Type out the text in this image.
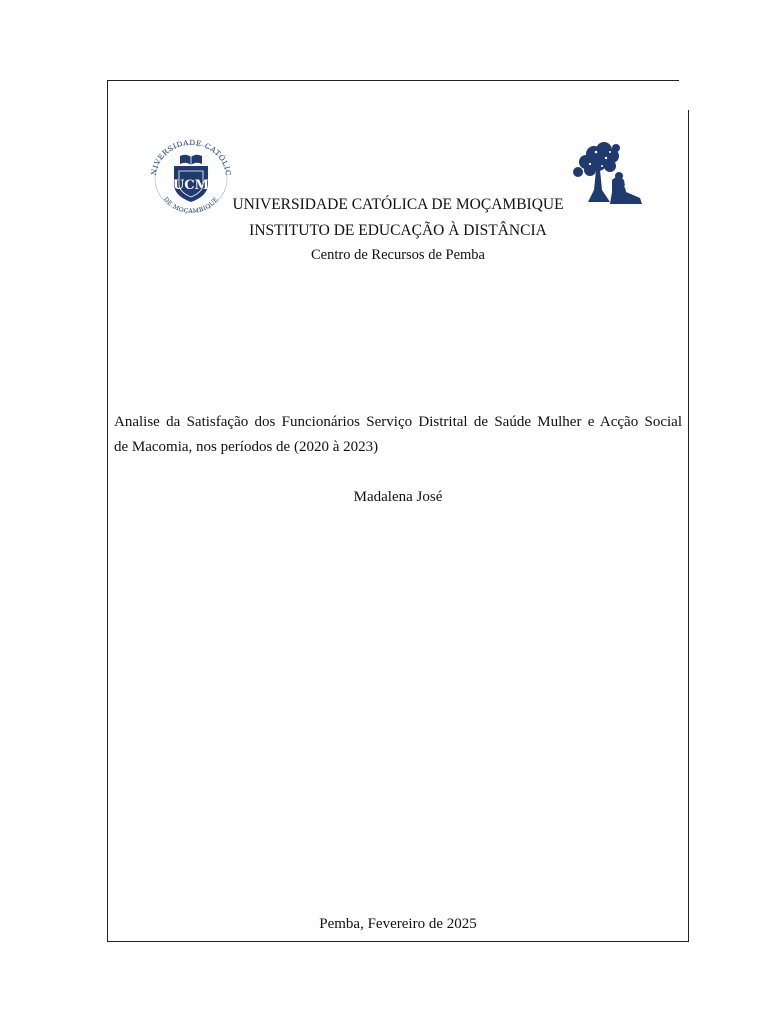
NIVERSIDADE CATÓLIC
DE MOÇAMBIQUE
UCM
UNIVERSIDADE CATÓLICA DE MOÇAMBIQUE
INSTITUTO DE EDUCAÇÃO À DISTÂNCIA
Centro de Recursos de Pemba
Analise da Satisfação dos Funcionários Serviço Distrital de Saúde Mulher e Acção Social
de Macomia, nos períodos de (2020 à 2023)
Madalena José
Pemba, Fevereiro de 2025
